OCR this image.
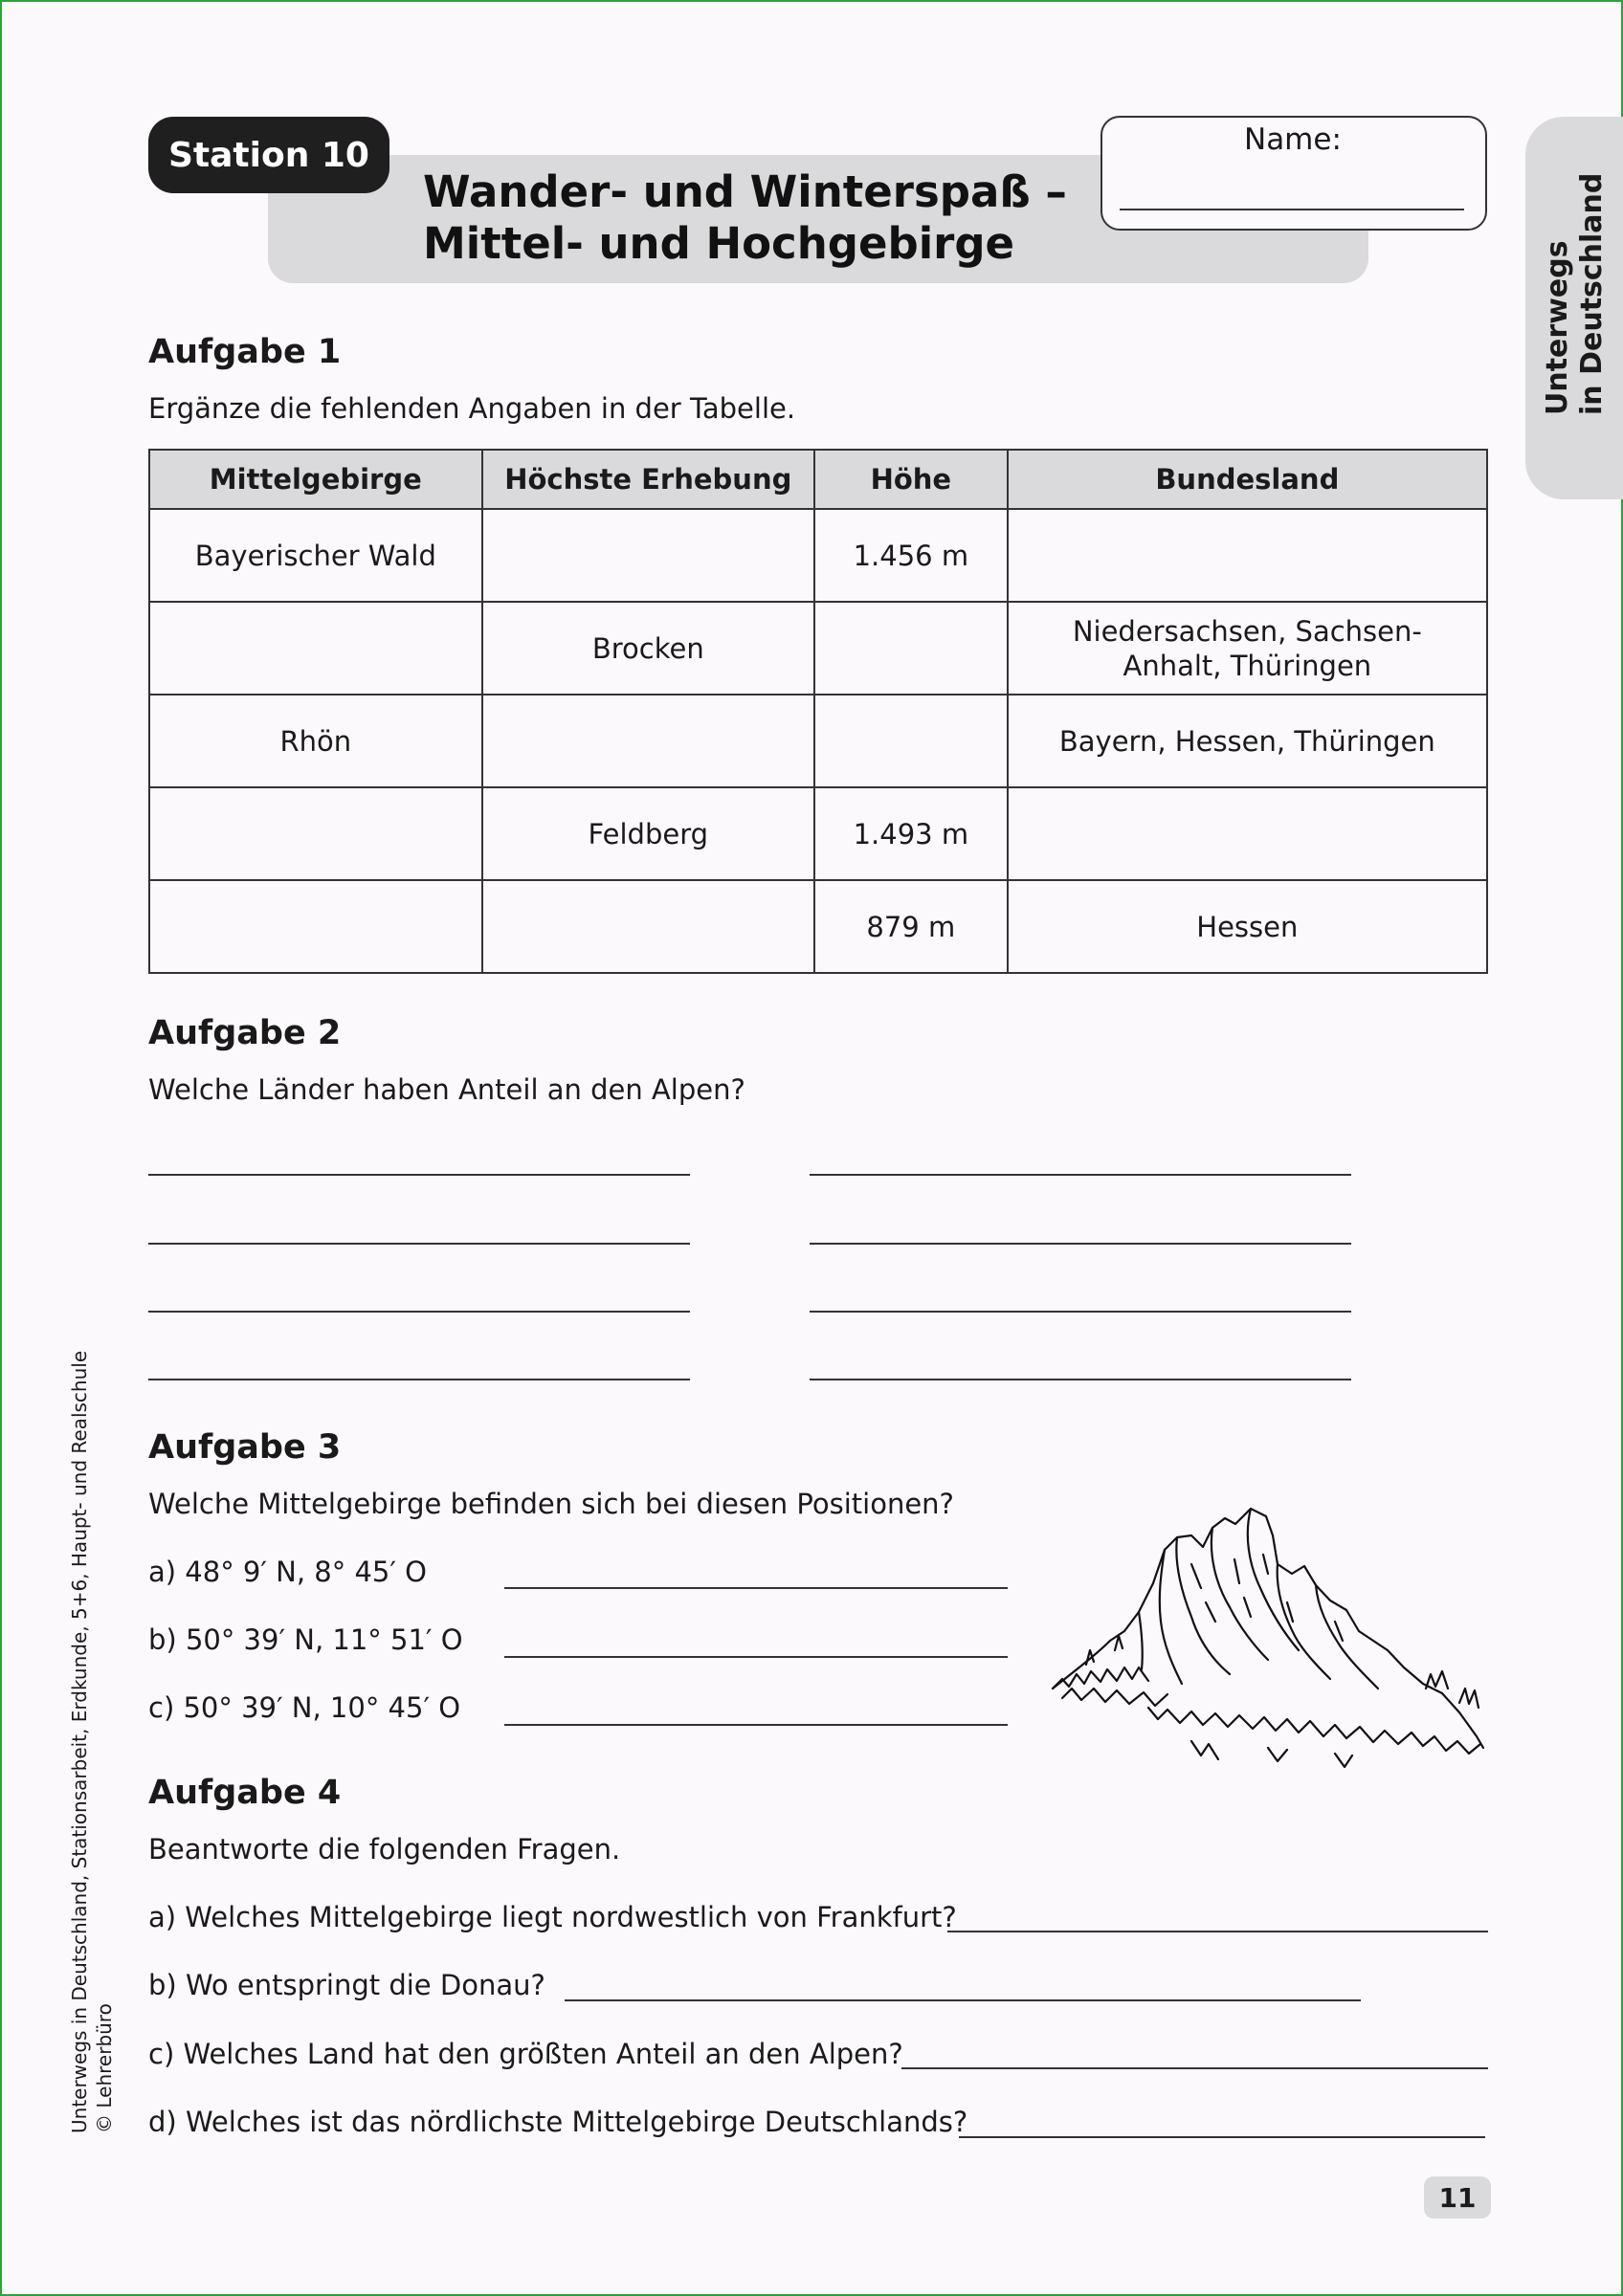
Station 10
Wander- und Winterspaß –
Mittel- und Hochgebirge
Name:
Unterwegs in Deutschland
Aufgabe 1
Ergänze die fehlenden Angaben in der Tabelle.
Mittelgebirge	Höchste Erhebung	Höhe	Bundesland
Bayerischer Wald		1.456 m	
	Brocken		Niedersachsen, Sachsen-Anhalt, Thüringen
Rhön			Bayern, Hessen, Thüringen
	Feldberg	1.493 m	
		879 m	Hessen
Aufgabe 2
Welche Länder haben Anteil an den Alpen?
Aufgabe 3
Welche Mittelgebirge befinden sich bei diesen Positionen?
a) 48° 9′ N, 8° 45′ O
b) 50° 39′ N, 11° 51′ O
c) 50° 39′ N, 10° 45′ O
Aufgabe 4
Beantworte die folgenden Fragen.
a) Welches Mittelgebirge liegt nordwestlich von Frankfurt?
b) Wo entspringt die Donau?
c) Welches Land hat den größten Anteil an den Alpen?
d) Welches ist das nördlichste Mittelgebirge Deutschlands?
Unterwegs in Deutschland, Stationsarbeit, Erdkunde, 5+6, Haupt- und Realschule © Lehrerbüro
11
